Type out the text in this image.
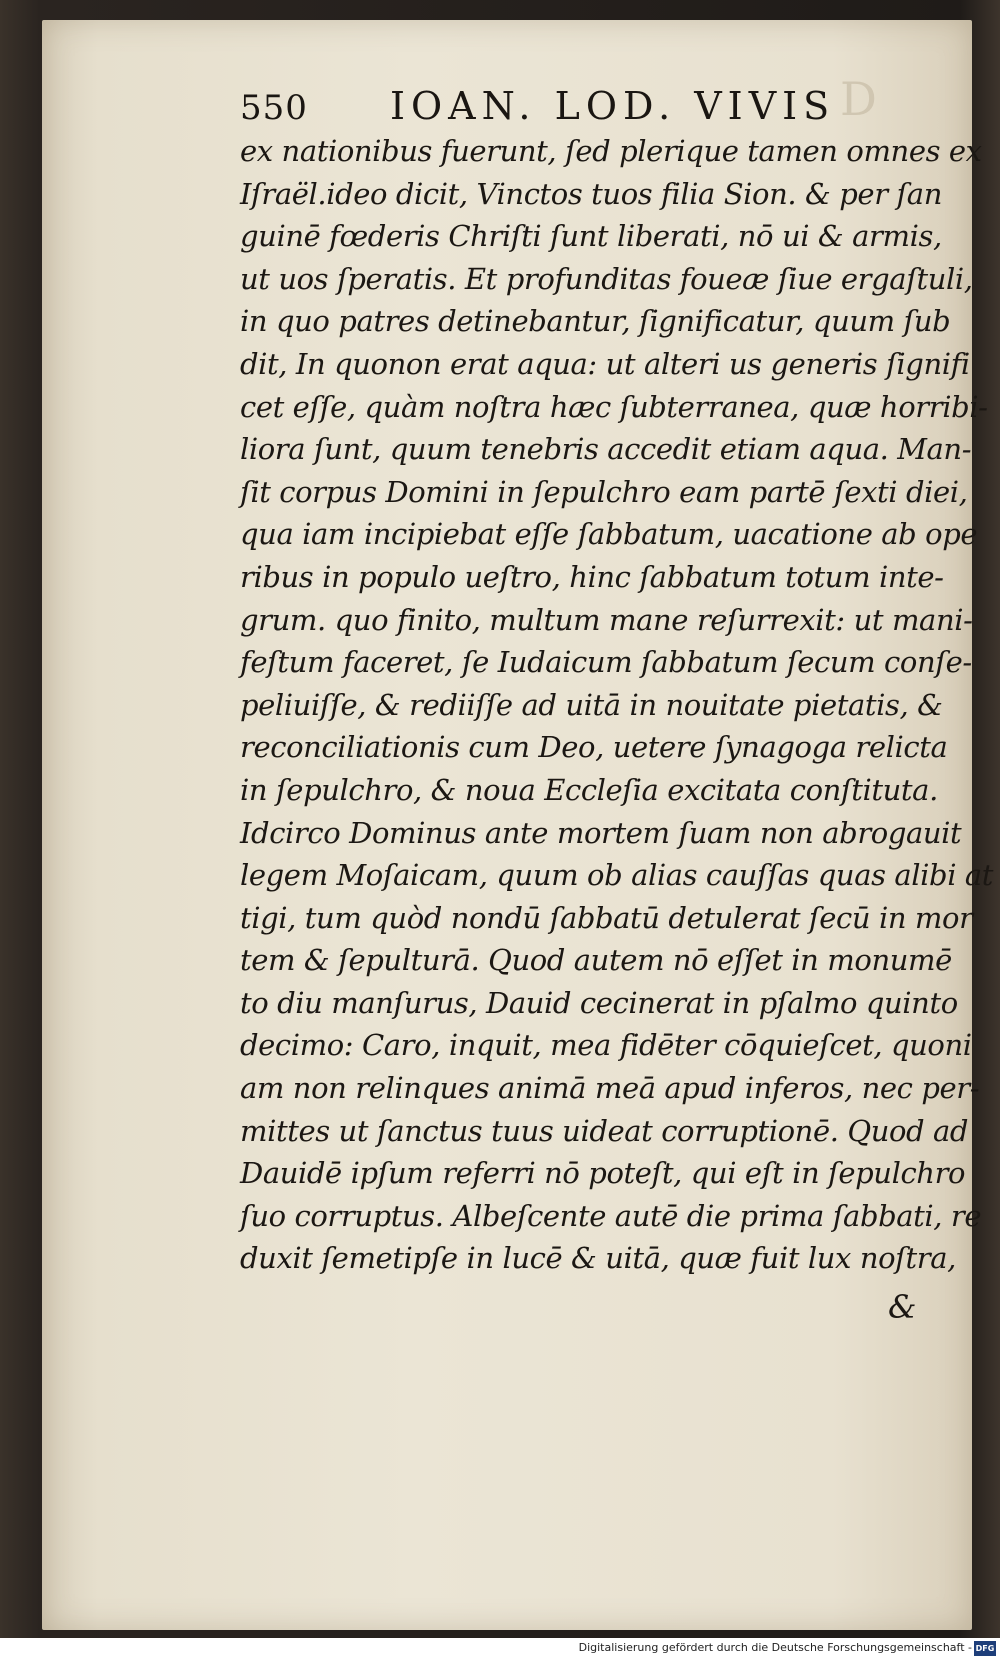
550 IOAN. LOD. VIVIS D
ex nationibus fuerunt, ſed plerique tamen omnes ex
Iſraël.ideo dicit, Vinctos tuos filia Sion. & per ſan
guinē fœderis Chriſti ſunt liberati, nō ui & armis,
ut uos ſperatis. Et profunditas foueæ ſiue ergaſtuli,
in quo patres detinebantur, ſignificatur, quum ſub
dit, In quonon erat aqua: ut alteri us generis ſignifi
cet eſſe, quàm noſtra hæc ſubterranea, quæ horribi-
liora ſunt, quum tenebris accedit etiam aqua. Man-
ſit corpus Domini in ſepulchro eam partē ſexti diei,
qua iam incipiebat eſſe ſabbatum, uacatione ab ope
ribus in populo ueſtro, hinc ſabbatum totum inte-
grum. quo finito, multum mane reſurrexit: ut mani-
feſtum faceret, ſe Iudaicum ſabbatum ſecum conſe-
peliuiſſe, & rediiſſe ad uitā in nouitate pietatis, &
reconciliationis cum Deo, uetere ſynagoga relicta
in ſepulchro, & noua Eccleſia excitata conſtituta.
Idcirco Dominus ante mortem ſuam non abrogauit
legem Moſaicam, quum ob alias cauſſas quas alibi at
tigi, tum quòd nondū ſabbatū detulerat ſecū in mor
tem & ſepulturā. Quod autem nō eſſet in monumē
to diu manſurus, Dauid cecinerat in pſalmo quinto
decimo: Caro, inquit, mea fidēter cōquieſcet, quoni
am non relinques animā meā apud inferos, nec per-
mittes ut ſanctus tuus uideat corruptionē. Quod ad
Dauidē ipſum referri nō poteſt, qui eſt in ſepulchro
ſuo corruptus. Albeſcente autē die prima ſabbati, re
duxit ſemetipſe in lucē & uitā, quæ fuit lux noſtra,
&
Digitalisierung gefördert durch die Deutsche Forschungsgemeinschaft - DFG
